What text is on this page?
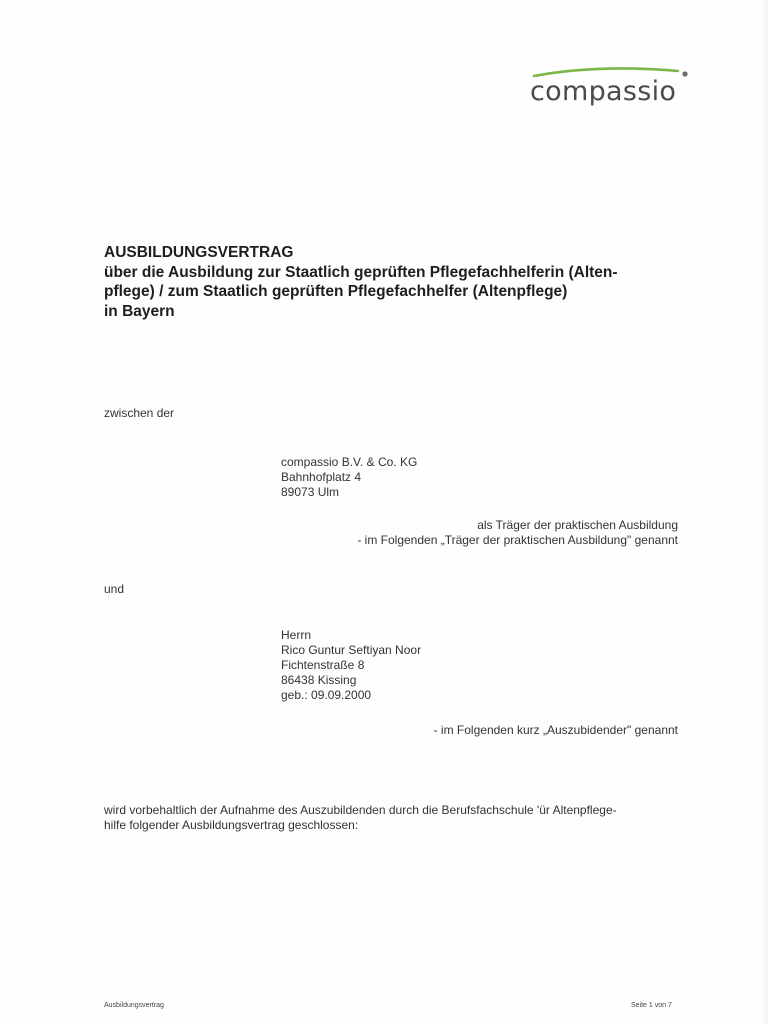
compassio
AUSBILDUNGSVERTRAG
über die Ausbildung zur Staatlich geprüften Pflegefachhelferin (Alten-
pflege) / zum Staatlich geprüften Pflegefachhelfer (Altenpflege)
in Bayern
zwischen der
compassio B.V. & Co. KG
Bahnhofplatz 4
89073 Ulm
als Träger der praktischen Ausbildung
- im Folgenden „Träger der praktischen Ausbildung" genannt
und
Herrn
Rico Guntur Seftiyan Noor
Fichtenstraße 8
86438 Kissing
geb.: 09.09.2000
- im Folgenden kurz „Auszubidender" genannt
wird vorbehaltlich der Aufnahme des Auszubildenden durch die Berufsfachschule 'ür Altenpflege-
hilfe folgender Ausbildungsvertrag geschlossen:
Ausbildungsvertrag	Seite 1 von 7
